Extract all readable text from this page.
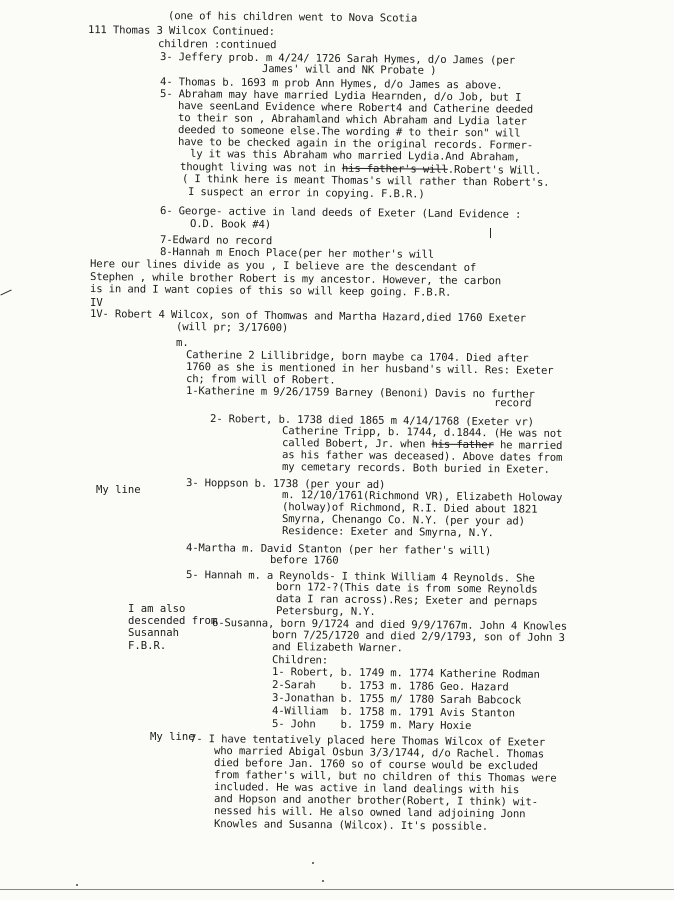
(one of his children went to Nova Scotia
111 Thomas 3 Wilcox Continued:
children :continued
3- Jeffery prob. m 4/24/ 1726 Sarah Hymes, d/o James (per
James' will and NK Probate )
4- Thomas b. 1693 m prob Ann Hymes, d/o James as above.
5- Abraham may have married Lydia Hearnden, d/o Job, but I
have seenLand Evidence where Robert4 and Catherine deeded
to their son , Abrahamland which Abraham and Lydia later
deeded to someone else.The wording # to their son" will
have to be checked again in the original records. Former-
ly it was this Abraham who married Lydia.And Abraham,
thought living was not in his father's will.Robert's Will.
( I think here is meant Thomas's will rather than Robert's.
I suspect an error in copying. F.B.R.)
6- George- active in land deeds of Exeter (Land Evidence :
O.D. Book #4)
7-Edward no record
8-Hannah m Enoch Place(per her mother's will
Here our lines divide as you , I believe are the descendant of
Stephen , while brother Robert is my ancestor. However, the carbon
is in and I want copies of this so will keep going. F.B.R.
IV
1V- Robert 4 Wilcox, son of Thomwas and Martha Hazard,died 1760 Exeter
(will pr; 3/17600)
m.
Catherine 2 Lillibridge, born maybe ca 1704. Died after
1760 as she is mentioned in her husband's will. Res: Exeter
ch; from will of Robert.
1-Katherine m 9/26/1759 Barney (Benoni) Davis no further
record
2- Robert, b. 1738 died 1865 m 4/14/1768 (Exeter vr)
Catherine Tripp, b. 1744, d.1844. (He was not
called Bobert, Jr. when his father he married
as his father was deceased). Above dates from
my cemetary records. Both buried in Exeter.
My line	3- Hoppson b. 1738 (per your ad)
m. 12/10/1761(Richmond VR), Elizabeth Holoway
(holway)of Richmond, R.I. Died about 1821
Smyrna, Chenango Co. N.Y. (per your ad)
Residence: Exeter and Smyrna, N.Y.
4-Martha m. David Stanton (per her father's will)
before 1760
5- Hannah m. a Reynolds- I think William 4 Reynolds. She
born 172-?(This date is from some Reynolds
data I ran across).Res; Exeter and pernaps
Petersburg, N.Y.
I am also
descended from
Susannah
F.B.R.
6-Susanna, born 9/1724 and died 9/9/1767m. John 4 Knowles
born 7/25/1720 and died 2/9/1793, son of John 3
and Elizabeth Warner.
Children:
1- Robert, b. 1749 m. 1774 Katherine Rodman
2-Sarah    b. 1753 m. 1786 Geo. Hazard
3-Jonathan b. 1755 m/ 1780 Sarah Babcock
4-William  b. 1758 m. 1791 Avis Stanton
5- John    b. 1759 m. Mary Hoxie
My line
7- I have tentatively placed here Thomas Wilcox of Exeter
who married Abigal Osbun 3/3/1744, d/o Rachel. Thomas
died before Jan. 1760 so of course would be excluded
from father's will, but no children of this Thomas were
included. He was active in land dealings with his
and Hopson and another brother(Robert, I think) wit-
nessed his will. He also owned land adjoining Jonn
Knowles and Susanna (Wilcox). It's possible.
